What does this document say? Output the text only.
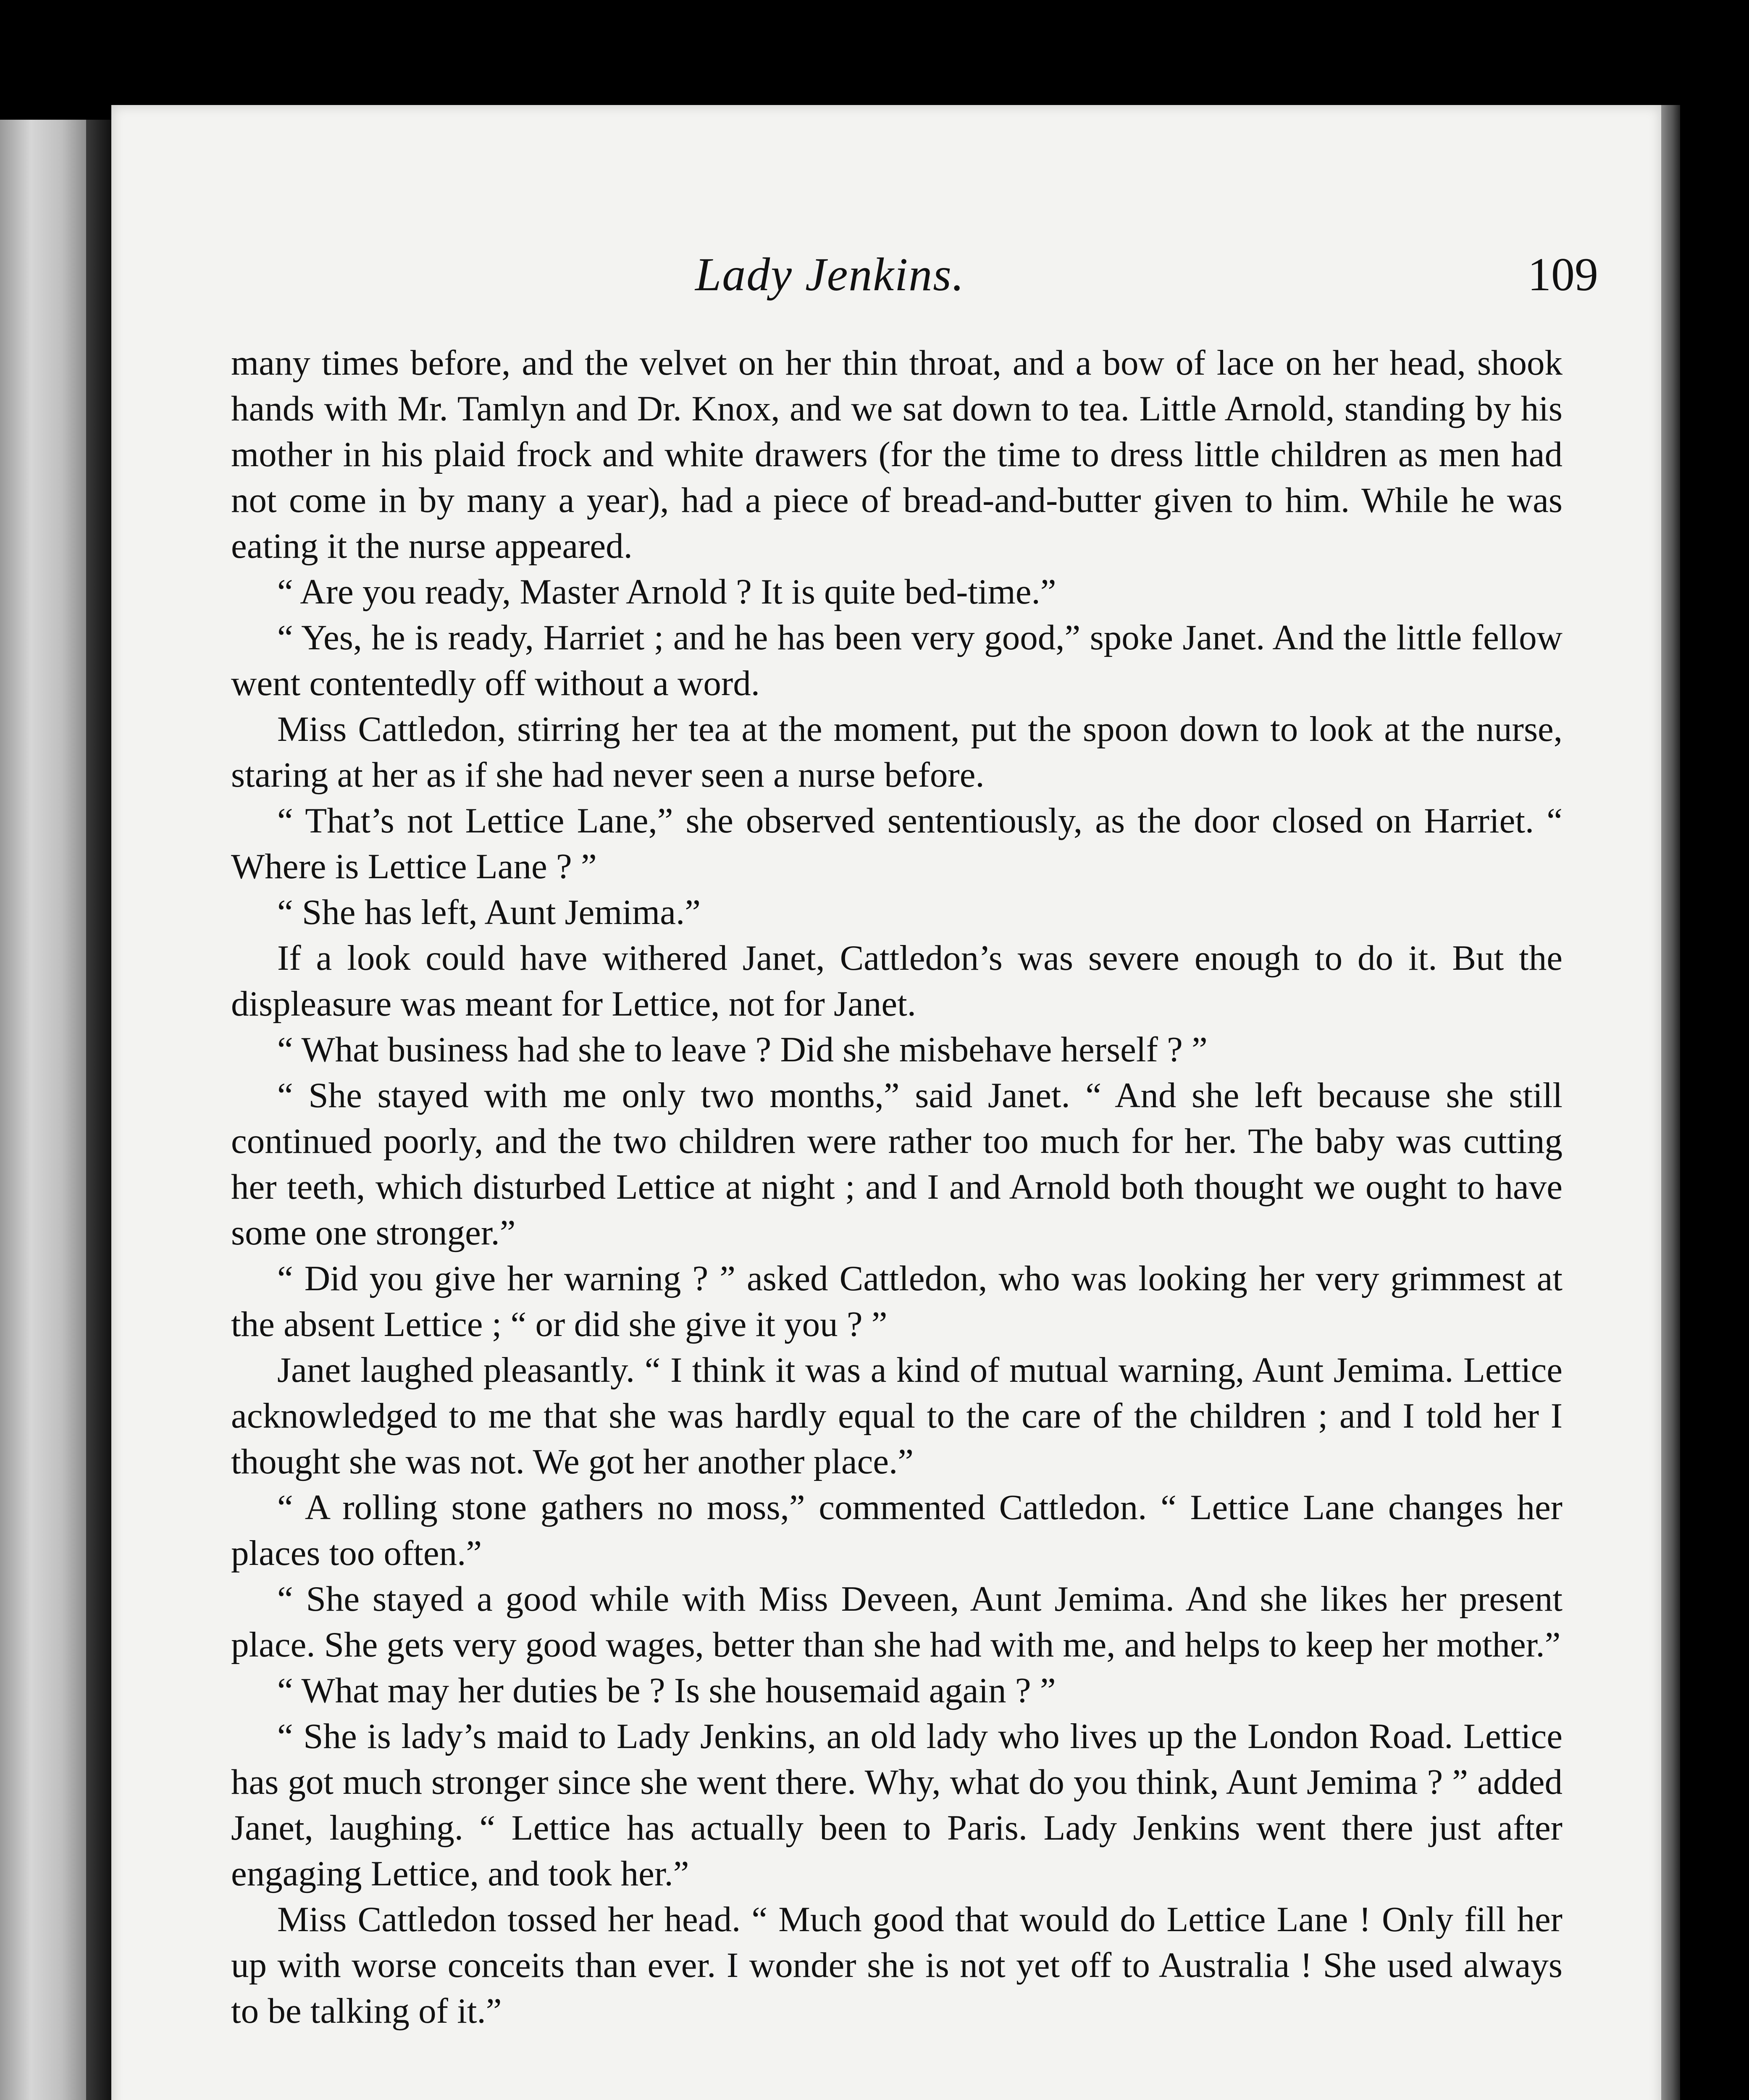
Lady Jenkins.	109

many times before, and the velvet on her thin throat, and a bow of lace on her head, shook hands with Mr. Tamlyn and Dr. Knox, and we sat down to tea. Little Arnold, standing by his mother in his plaid frock and white drawers (for the time to dress little children as men had not come in by many a year), had a piece of bread-and-butter given to him. While he was eating it the nurse appeared.

“ Are you ready, Master Arnold ? It is quite bed-time.”

“ Yes, he is ready, Harriet ; and he has been very good,” spoke Janet. And the little fellow went contentedly off without a word.

Miss Cattledon, stirring her tea at the moment, put the spoon down to look at the nurse, staring at her as if she had never seen a nurse before.

“ That’s not Lettice Lane,” she observed sententiously, as the door closed on Harriet. “ Where is Lettice Lane ? ”

“ She has left, Aunt Jemima.”

If a look could have withered Janet, Cattledon’s was severe enough to do it. But the displeasure was meant for Lettice, not for Janet.

“ What business had she to leave ? Did she misbehave herself ? ”

“ She stayed with me only two months,” said Janet. “ And she left because she still continued poorly, and the two children were rather too much for her. The baby was cutting her teeth, which disturbed Lettice at night ; and I and Arnold both thought we ought to have some one stronger.”

“ Did you give her warning ? ” asked Cattledon, who was looking her very grimmest at the absent Lettice ; “ or did she give it you ? ”

Janet laughed pleasantly. “ I think it was a kind of mutual warning, Aunt Jemima. Lettice acknowledged to me that she was hardly equal to the care of the children ; and I told her I thought she was not. We got her another place.”

“ A rolling stone gathers no moss,” commented Cattledon. “ Lettice Lane changes her places too often.”

“ She stayed a good while with Miss Deveen, Aunt Jemima. And she likes her present place. She gets very good wages, better than she had with me, and helps to keep her mother.”

“ What may her duties be ? Is she housemaid again ? ”

“ She is lady’s maid to Lady Jenkins, an old lady who lives up the London Road. Lettice has got much stronger since she went there. Why, what do you think, Aunt Jemima ? ” added Janet, laughing. “ Lettice has actually been to Paris. Lady Jenkins went there just after engaging Lettice, and took her.”

Miss Cattledon tossed her head. “ Much good that would do Lettice Lane ! Only fill her up with worse conceits than ever. I wonder she is not yet off to Australia ! She used always to be talking of it.”
